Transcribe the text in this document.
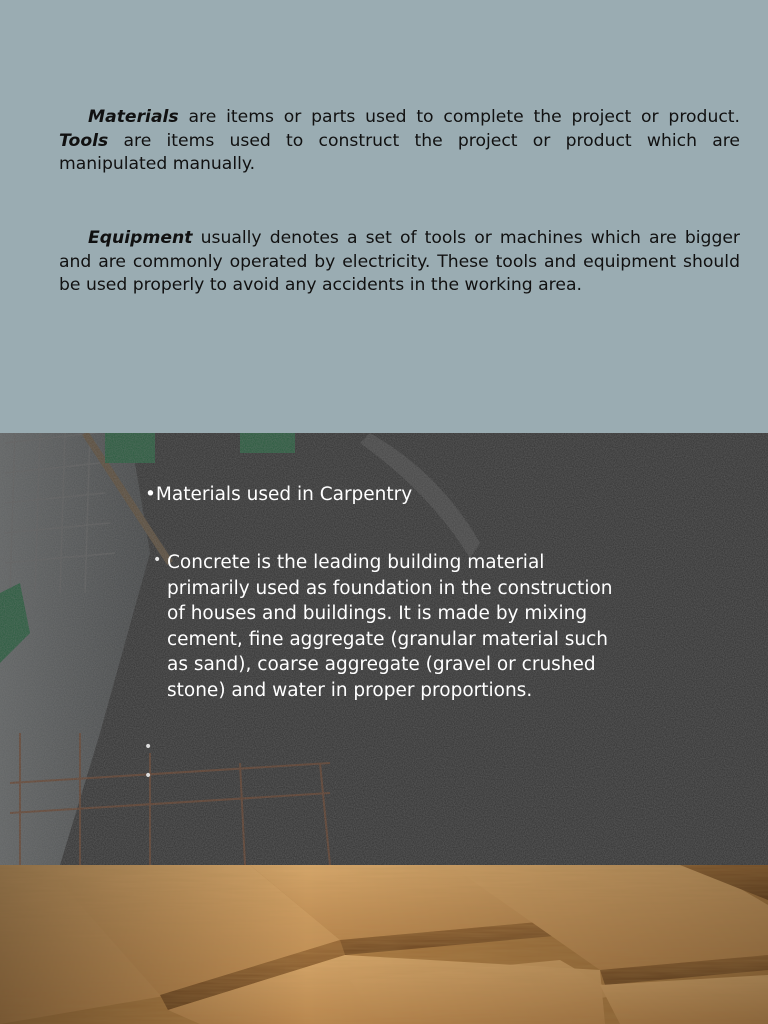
Materials are items or parts used to complete the project or product. Tools are items used to construct the project or product which are manipulated manually.

Equipment usually denotes a set of tools or machines which are bigger and are commonly operated by electricity. These tools and equipment should be used properly to avoid any accidents in the working area.

•Materials used in Carpentry
• Concrete is the leading building material primarily used as foundation in the construction of houses and buildings. It is made by mixing cement, fine aggregate (granular material such as sand), coarse aggregate (gravel or crushed stone) and water in proper proportions.
•
•
